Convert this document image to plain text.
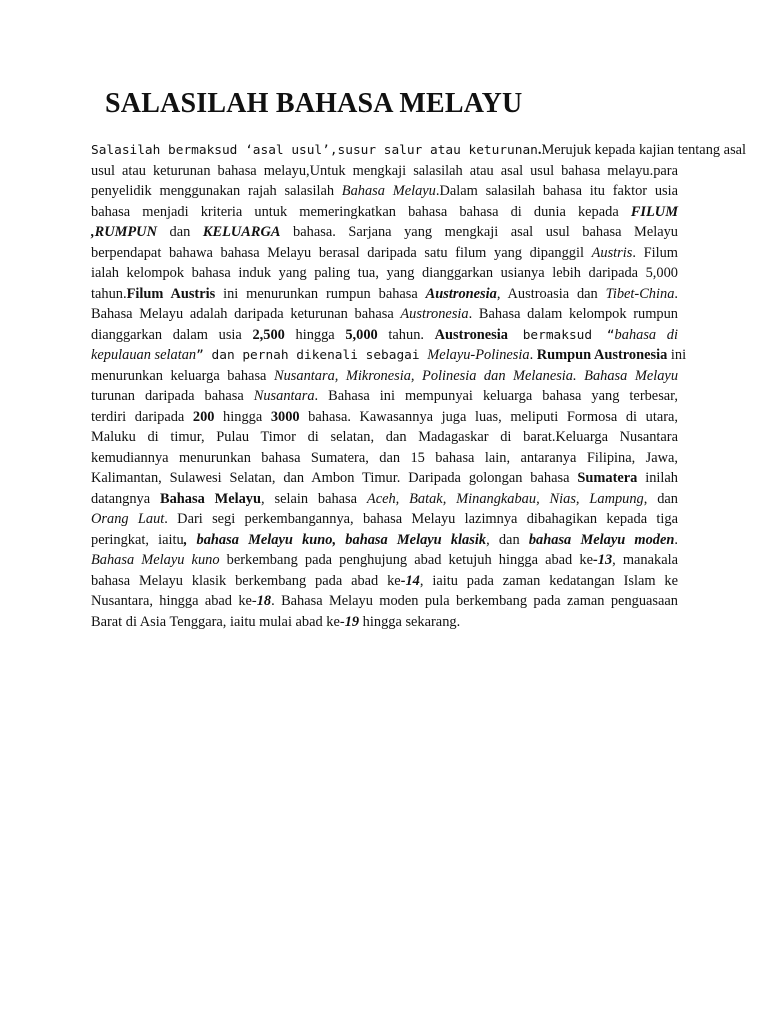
SALASILAH BAHASA MELAYU
Salasilah bermaksud ‘asal usul’,susur salur atau keturunan.Merujuk kepada kajian tentang asal
usul atau keturunan bahasa melayu,Untuk mengkaji salasilah atau asal usul bahasa melayu.para
penyelidik menggunakan rajah salasilah Bahasa Melayu.Dalam salasilah bahasa itu faktor usia
bahasa menjadi kriteria untuk memeringkatkan bahasa bahasa di dunia kepada FILUM
,RUMPUN dan KELUARGA bahasa. Sarjana yang mengkaji asal usul bahasa Melayu
berpendapat bahawa bahasa Melayu berasal daripada satu filum yang dipanggil Austris. Filum
ialah kelompok bahasa induk yang paling tua, yang dianggarkan usianya lebih daripada 5,000
tahun.Filum Austris ini menurunkan rumpun bahasa Austronesia, Austroasia dan Tibet-China.
Bahasa Melayu adalah daripada keturunan bahasa Austronesia. Bahasa dalam kelompok rumpun
dianggarkan dalam usia 2,500 hingga 5,000 tahun. Austronesia bermaksud “bahasa di
kepulauan selatan” dan pernah dikenali sebagai Melayu-Polinesia. Rumpun Austronesia ini
menurunkan keluarga bahasa Nusantara, Mikronesia, Polinesia dan Melanesia. Bahasa Melayu
turunan daripada bahasa Nusantara. Bahasa ini mempunyai keluarga bahasa yang terbesar,
terdiri daripada 200 hingga 3000 bahasa. Kawasannya juga luas, meliputi Formosa di utara,
Maluku di timur, Pulau Timor di selatan, dan Madagaskar di barat.Keluarga Nusantara
kemudiannya menurunkan bahasa Sumatera, dan 15 bahasa lain, antaranya Filipina, Jawa,
Kalimantan, Sulawesi Selatan, dan Ambon Timur. Daripada golongan bahasa Sumatera inilah
datangnya Bahasa Melayu, selain bahasa Aceh, Batak, Minangkabau, Nias, Lampung, dan
Orang Laut. Dari segi perkembangannya, bahasa Melayu lazimnya dibahagikan kepada tiga
peringkat, iaitu, bahasa Melayu kuno, bahasa Melayu klasik, dan bahasa Melayu moden.
Bahasa Melayu kuno berkembang pada penghujung abad ketujuh hingga abad ke-13, manakala
bahasa Melayu klasik berkembang pada abad ke-14, iaitu pada zaman kedatangan Islam ke
Nusantara, hingga abad ke-18. Bahasa Melayu moden pula berkembang pada zaman penguasaan
Barat di Asia Tenggara, iaitu mulai abad ke-19 hingga sekarang.
